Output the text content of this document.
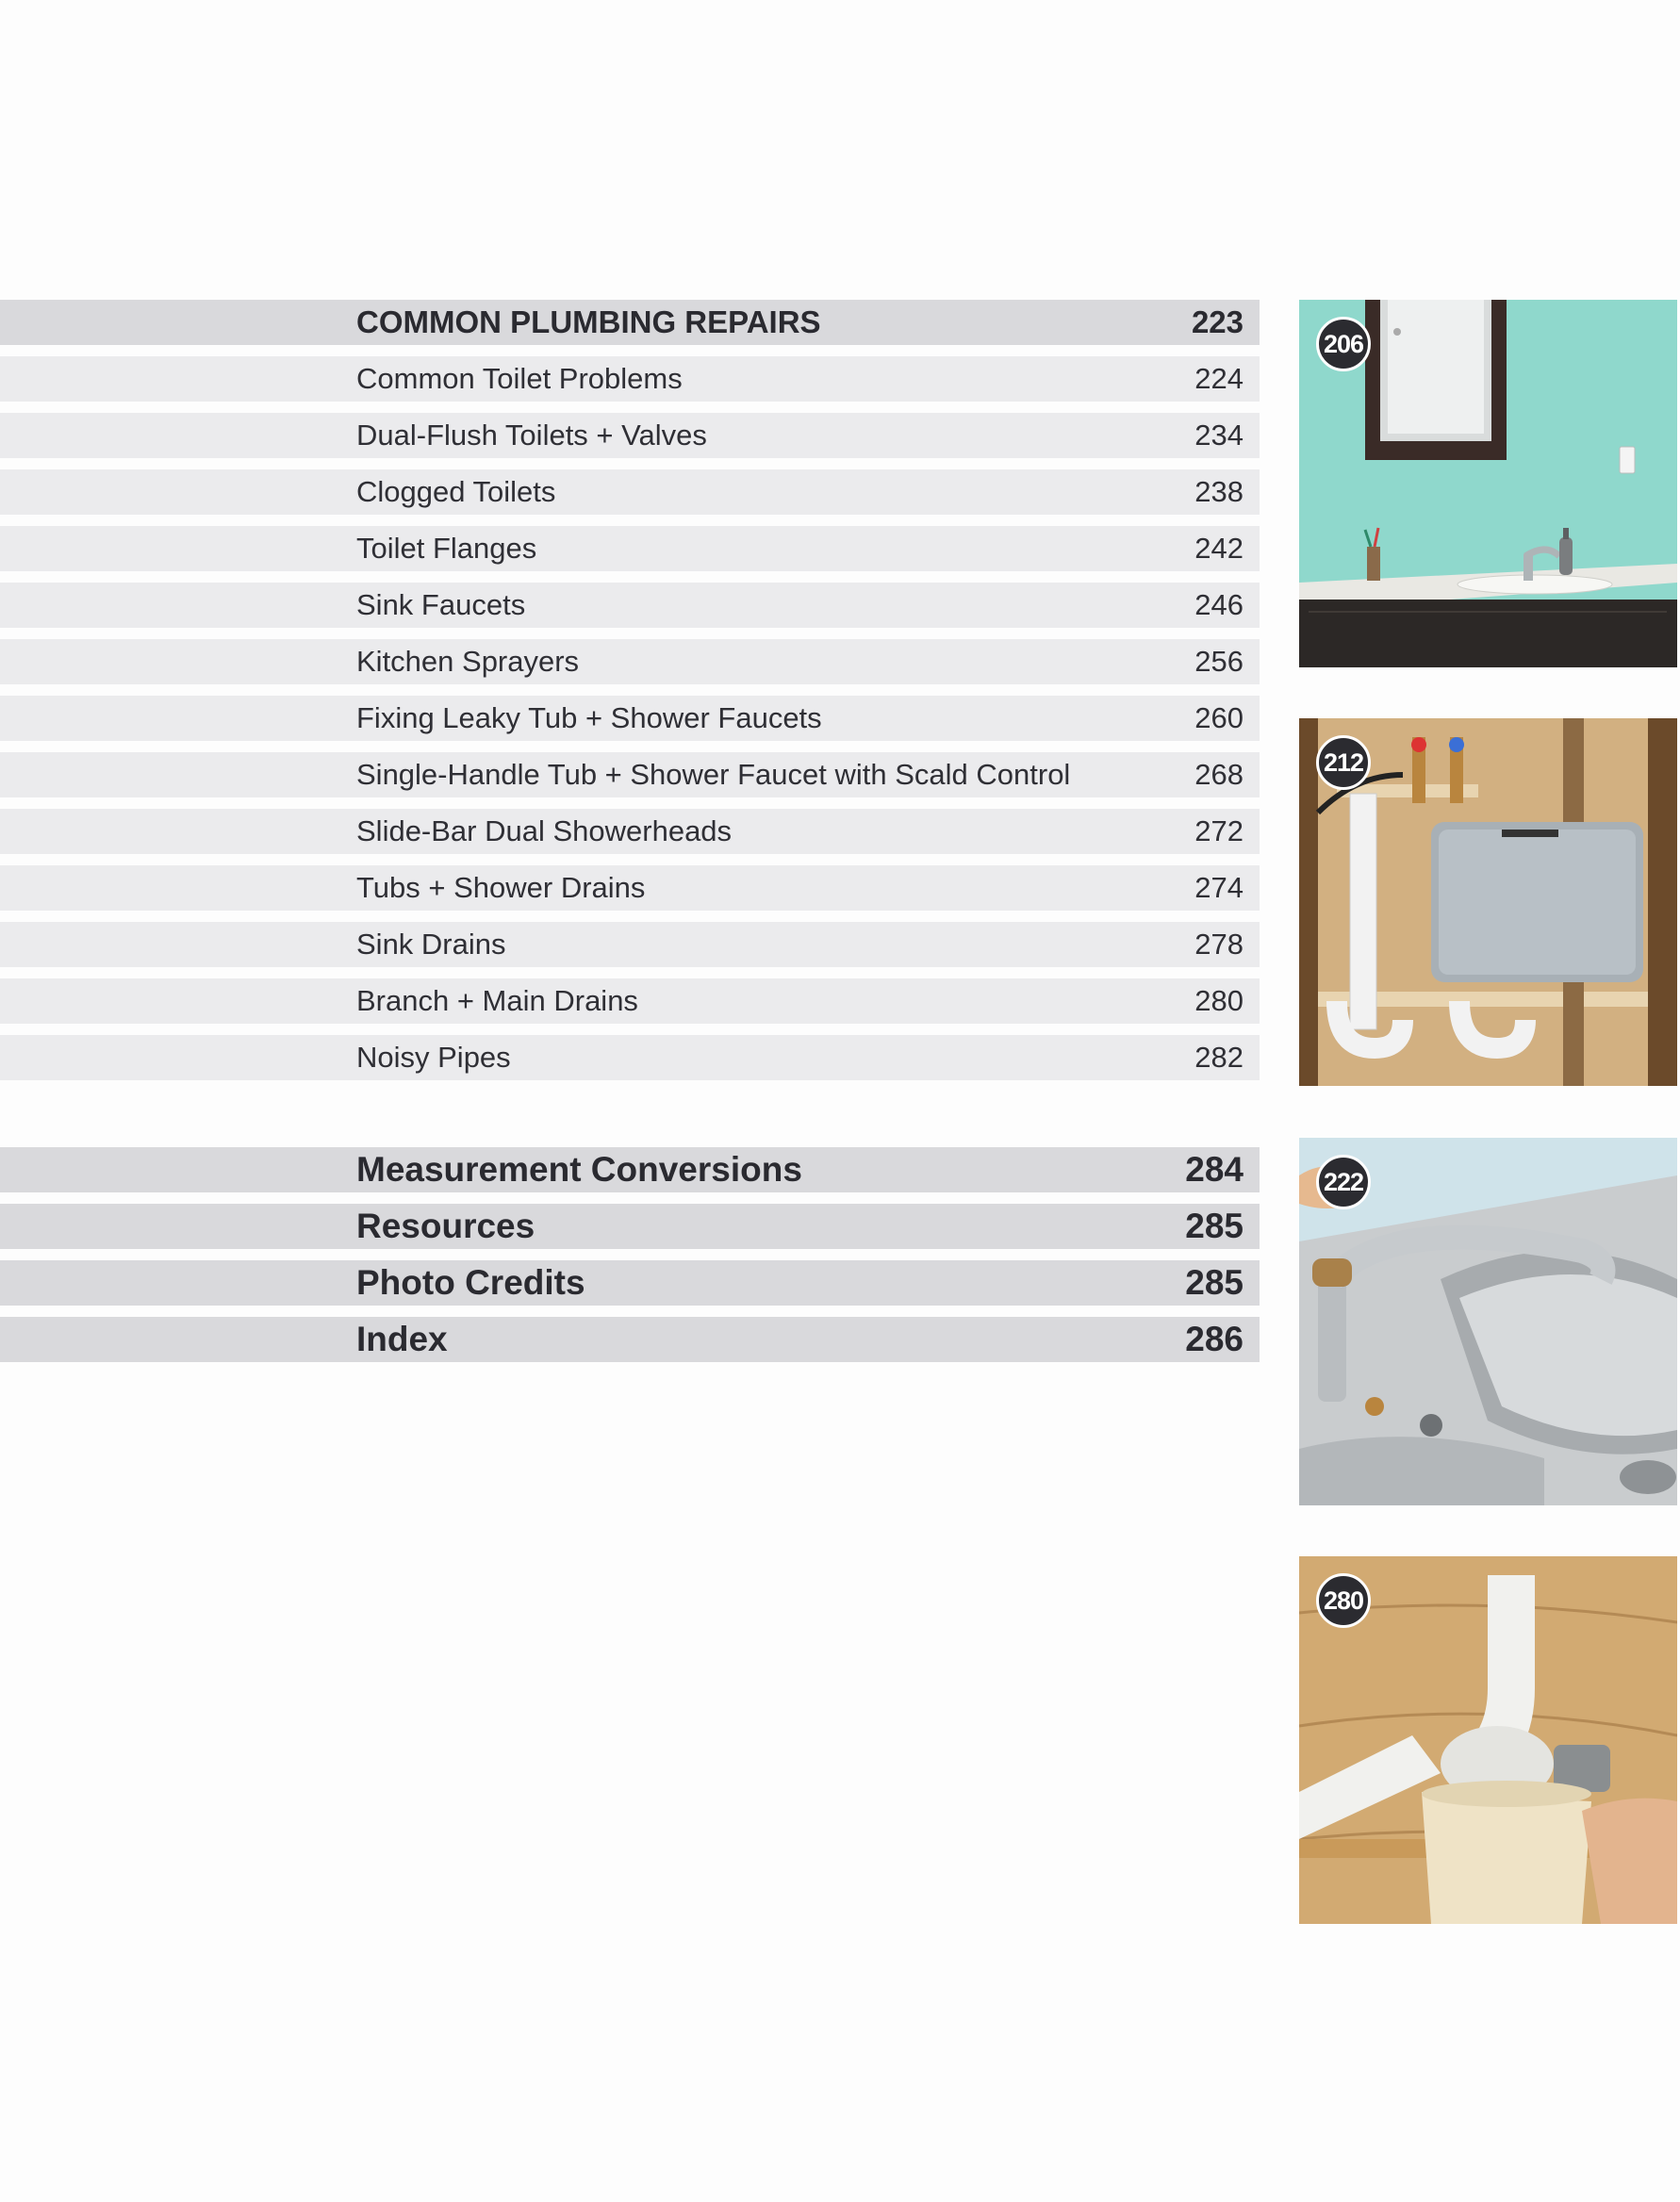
COMMON PLUMBING REPAIRS	223
Common Toilet Problems	224
Dual-Flush Toilets + Valves	234
Clogged Toilets	238
Toilet Flanges	242
Sink Faucets	246
Kitchen Sprayers	256
Fixing Leaky Tub + Shower Faucets	260
Single-Handle Tub + Shower Faucet with Scald Control	268
Slide-Bar Dual Showerheads	272
Tubs + Shower Drains	274
Sink Drains	278
Branch + Main Drains	280
Noisy Pipes	282
Measurement Conversions	284
Resources	285
Photo Credits	285
Index	286
206
212
222
280
